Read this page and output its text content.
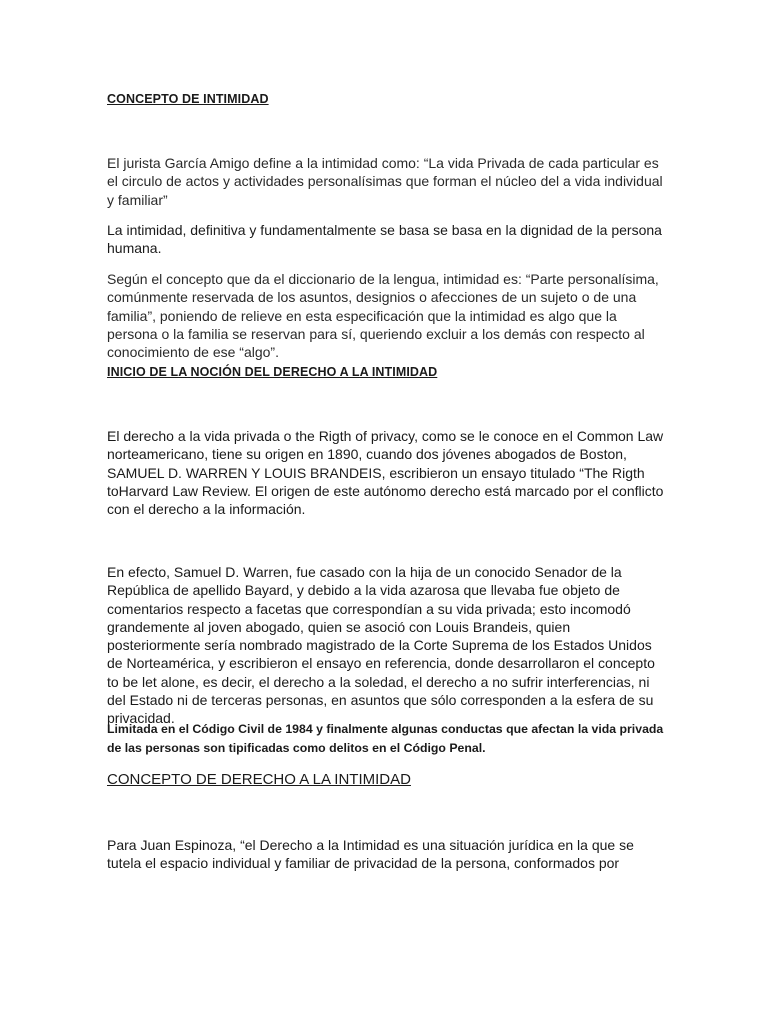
CONCEPTO DE INTIMIDAD

El jurista García Amigo define a la intimidad como: “La vida Privada de cada particular es el circulo de actos y actividades personalísimas que forman el núcleo del a vida individual y familiar”

La intimidad, definitiva y fundamentalmente se basa se basa en la dignidad de la persona humana.

Según el concepto que da el diccionario de la lengua, intimidad es: “Parte personalísima, comúnmente reservada de los asuntos, designios o afecciones de un sujeto o de una familia”, poniendo de relieve en esta especificación que la intimidad es algo que la persona o la familia se reservan para sí, queriendo excluir a los demás con respecto al conocimiento de ese “algo”.

INICIO DE LA NOCIÓN DEL DERECHO A LA INTIMIDAD

El derecho a la vida privada o the Rigth of privacy, como se le conoce en el Common Law norteamericano, tiene su origen en 1890, cuando dos jóvenes abogados de Boston, SAMUEL D. WARREN Y LOUIS BRANDEIS, escribieron un ensayo titulado “The Rigth toHarvard Law Review. El origen de este autónomo derecho está marcado por el conflicto con el derecho a la información.

En efecto, Samuel D. Warren, fue casado con la hija de un conocido Senador de la República de apellido Bayard, y debido a la vida azarosa que llevaba fue objeto de comentarios respecto a facetas que correspondían a su vida privada; esto incomodó grandemente al joven abogado, quien se asoció con Louis Brandeis, quien posteriormente sería nombrado magistrado de la Corte Suprema de los Estados Unidos de Norteamérica, y escribieron el ensayo en referencia, donde desarrollaron el concepto to be let alone, es decir, el derecho a la soledad, el derecho a no sufrir interferencias, ni del Estado ni de terceras personas, en asuntos que sólo corresponden a la esfera de su privacidad.

Limitada en el Código Civil de 1984 y finalmente algunas conductas que afectan la vida privada de las personas son tipificadas como delitos en el Código Penal.

CONCEPTO DE DERECHO A LA INTIMIDAD

Para Juan Espinoza, “el Derecho a la Intimidad es una situación jurídica en la que se tutela el espacio individual y familiar de privacidad de la persona, conformados por
